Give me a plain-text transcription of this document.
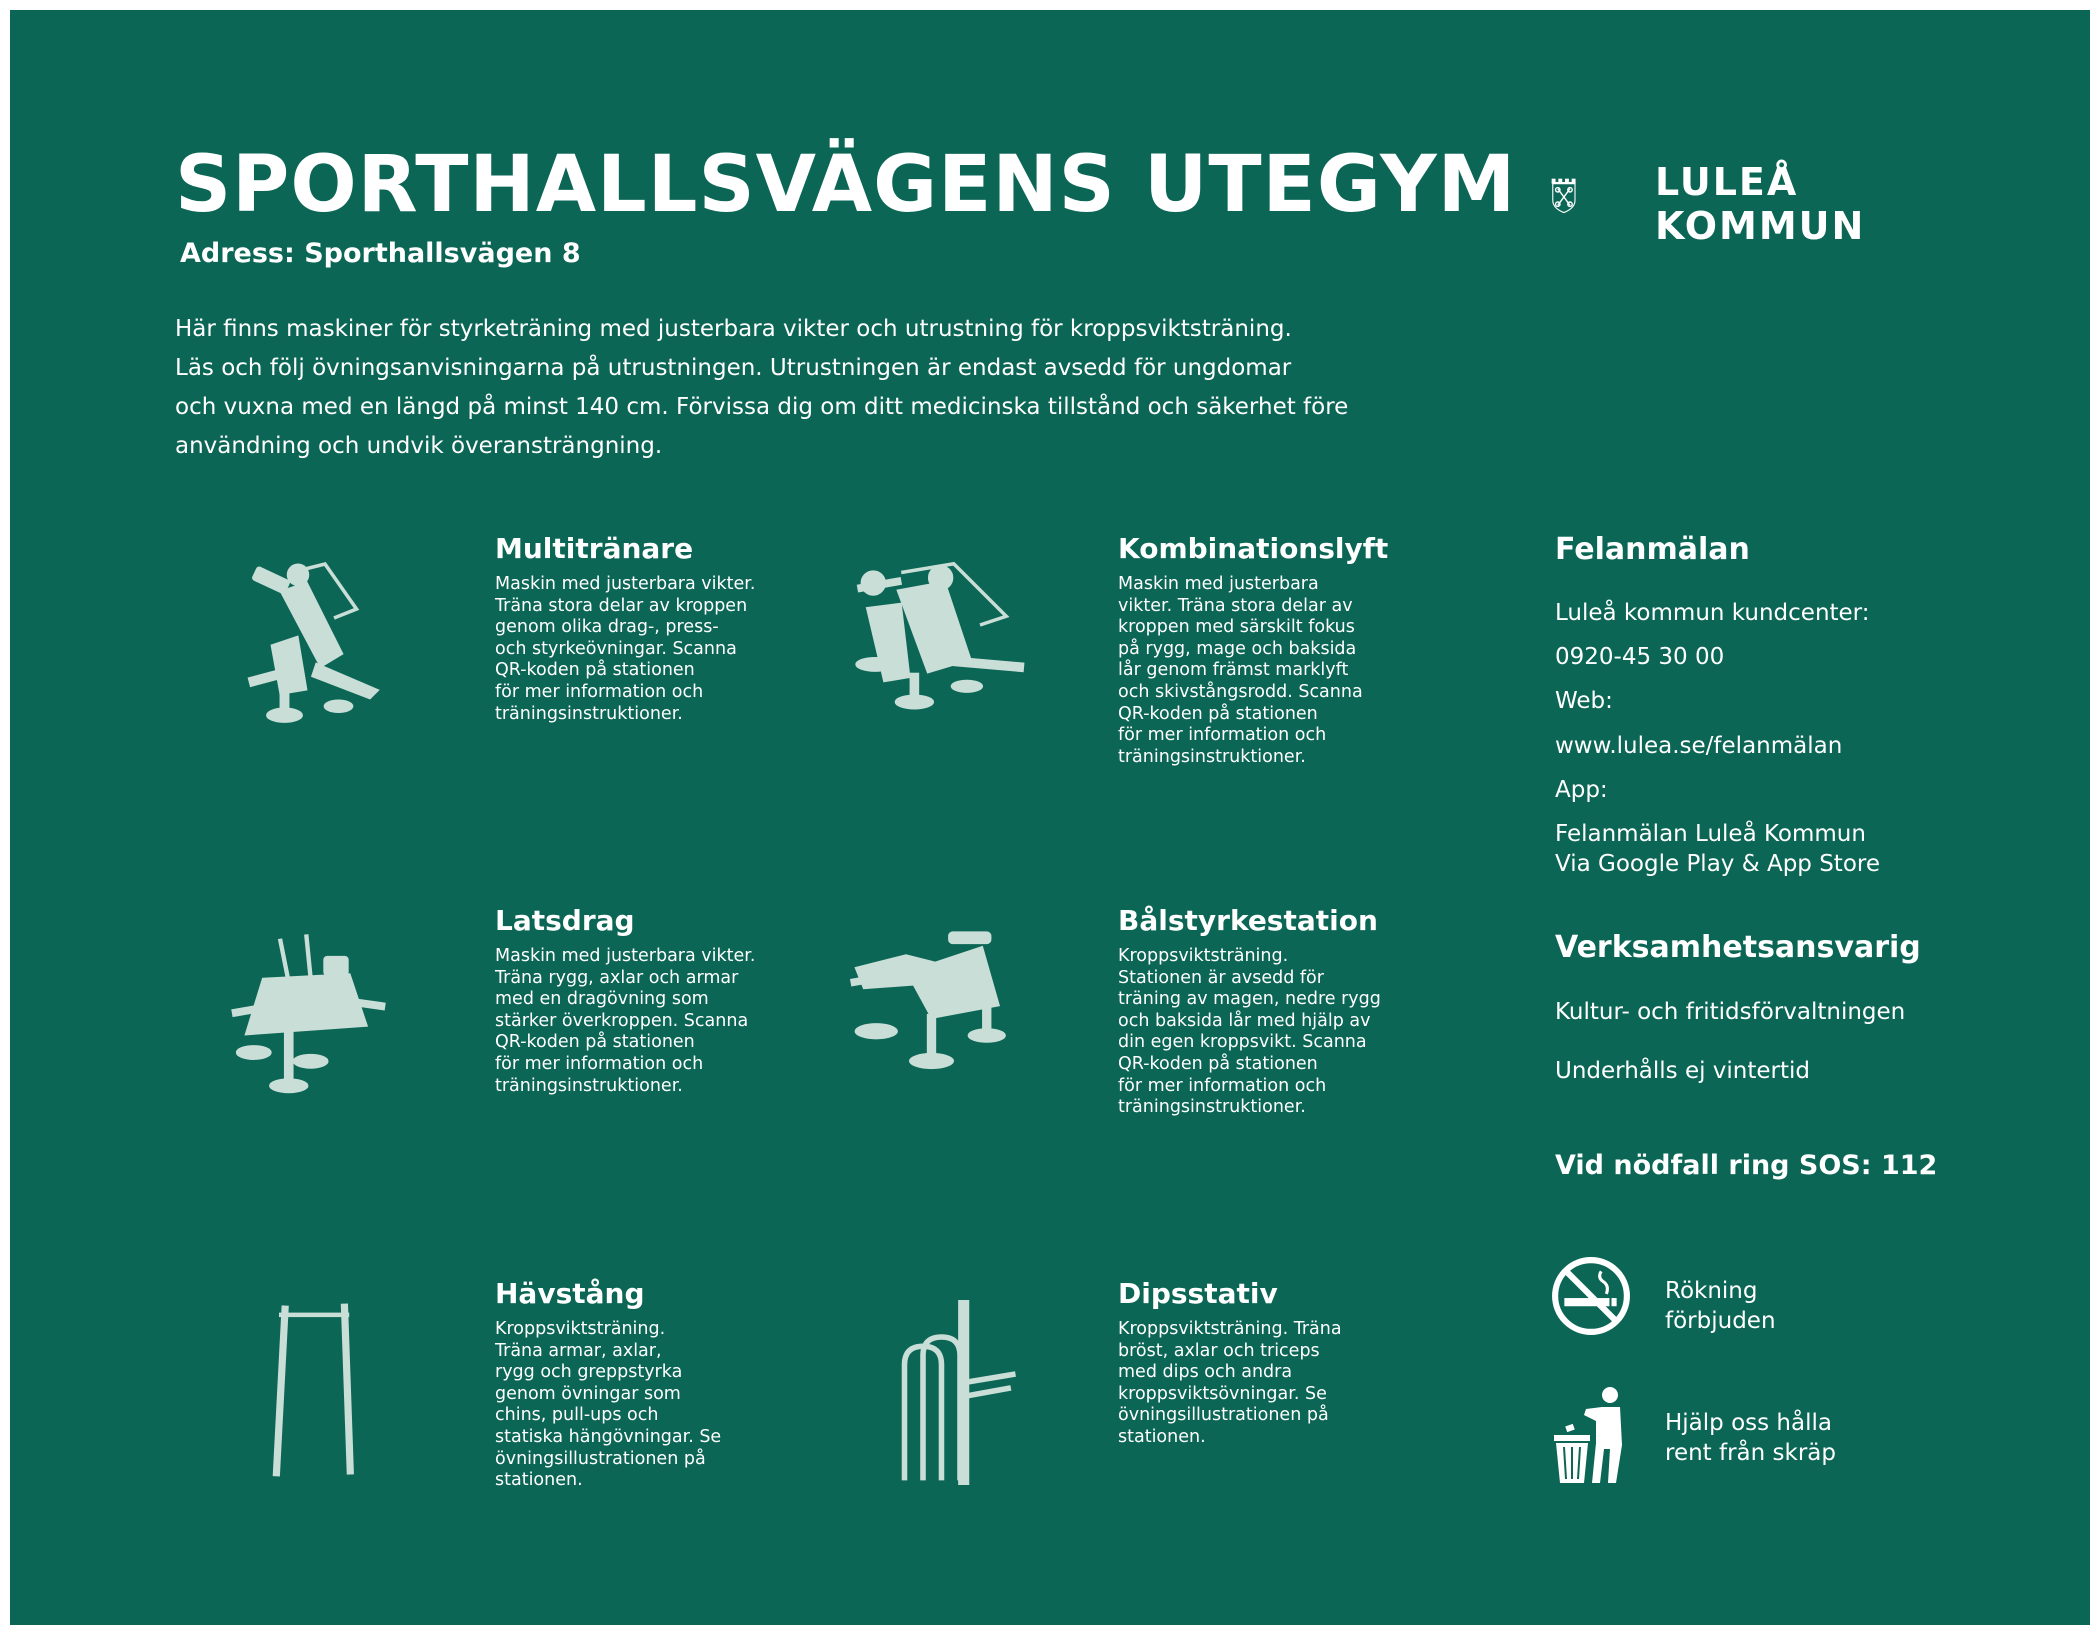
SPORTHALLSVÄGENS UTEGYM
Adress: Sporthallsvägen 8
Här finns maskiner för styrketräning med justerbara vikter och utrustning för kroppsviktsträning.
Läs och följ övningsanvisningarna på utrustningen. Utrustningen är endast avsedd för ungdomar
och vuxna med en längd på minst 140 cm. Förvissa dig om ditt medicinska tillstånd och säkerhet före
användning och undvik överansträngning.
LULEÅ
KOMMUN
Multitränare
Maskin med justerbara vikter.
Träna stora delar av kroppen
genom olika drag-, press-
och styrkeövningar. Scanna
QR-koden på stationen
för mer information och
träningsinstruktioner.
Kombinationslyft
Maskin med justerbara
vikter. Träna stora delar av
kroppen med särskilt fokus
på rygg, mage och baksida
lår genom främst marklyft
och skivstångsrodd. Scanna
QR-koden på stationen
för mer information och
träningsinstruktioner.
Latsdrag
Maskin med justerbara vikter.
Träna rygg, axlar och armar
med en dragövning som
stärker överkroppen. Scanna
QR-koden på stationen
för mer information och
träningsinstruktioner.
Bålstyrkestation
Kroppsviktsträning.
Stationen är avsedd för
träning av magen, nedre rygg
och baksida lår med hjälp av
din egen kroppsvikt. Scanna
QR-koden på stationen
för mer information och
träningsinstruktioner.
Hävstång
Kroppsviktsträning.
Träna armar, axlar,
rygg och greppstyrka
genom övningar som
chins, pull-ups och
statiska hängövningar. Se
övningsillustrationen på
stationen.
Dipsstativ
Kroppsviktsträning. Träna
bröst, axlar och triceps
med dips och andra
kroppsviktsövningar. Se
övningsillustrationen på
stationen.
Felanmälan
Luleå kommun kundcenter:
0920-45 30 00
Web:
www.lulea.se/felanmälan
App:
Felanmälan Luleå Kommun
Via Google Play & App Store
Verksamhetsansvarig
Kultur- och fritidsförvaltningen
Underhålls ej vintertid
Vid nödfall ring SOS: 112
Rökning
förbjuden
Hjälp oss hålla
rent från skräp
